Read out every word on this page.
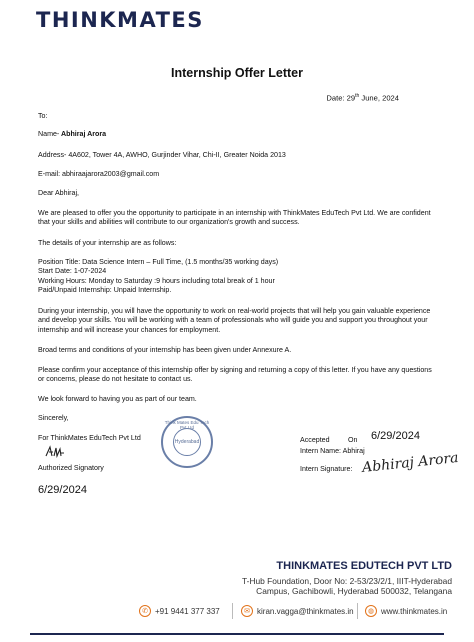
THINKMATES
Internship Offer Letter
Date: 29th June, 2024
To:
Name- Abhiraj Arora
Address- 4A602, Tower 4A, AWHO, Gurjinder Vihar, Chi-II, Greater Noida 2013
E-mail: abhiraajarora2003@gmail.com
Dear Abhiraj,
We are pleased to offer you the opportunity to participate in an internship with ThinkMates EduTech Pvt Ltd. We are confident that your skills and abilities will contribute to our organization's growth and success.
The details of your internship are as follows:
Position Title: Data Science Intern – Full Time, (1.5 months/35 working days)
Start Date: 1-07-2024
Working Hours: Monday to Saturday :9 hours including total break of 1 hour
Paid/Unpaid Internship: Unpaid Internship.
During your internship, you will have the opportunity to work on real-world projects that will help you gain valuable experience and develop your skills. You will be working with a team of professionals who will guide you and support you throughout your internship and will increase your chances for employment.
Broad terms and conditions of your internship has been given under Annexure A.
Please confirm your acceptance of this internship offer by signing and returning a copy of this letter. If you have any questions or concerns, please do not hesitate to contact us.
We look forward to having you as part of our team.
Sincerely,
For ThinkMates EduTech Pvt Ltd
Authorized Signatory
6/29/2024
Think Mates Edu Tech Pvt Ltd
Hyderabad	Accepted	On 6/29/2024
Intern Name: Abhiraj
Intern Signature: Abhiraj Arora
THINKMATES EDUTECH PVT LTD
T-Hub Foundation, Door No: 2-53/23/2/1, IIIT-Hyderabad
Campus, Gachibowli, Hyderabad 500032, Telangana
✆ +91 9441 377 337	✉ kiran.vagga@thinkmates.in	◍ www.thinkmates.in
